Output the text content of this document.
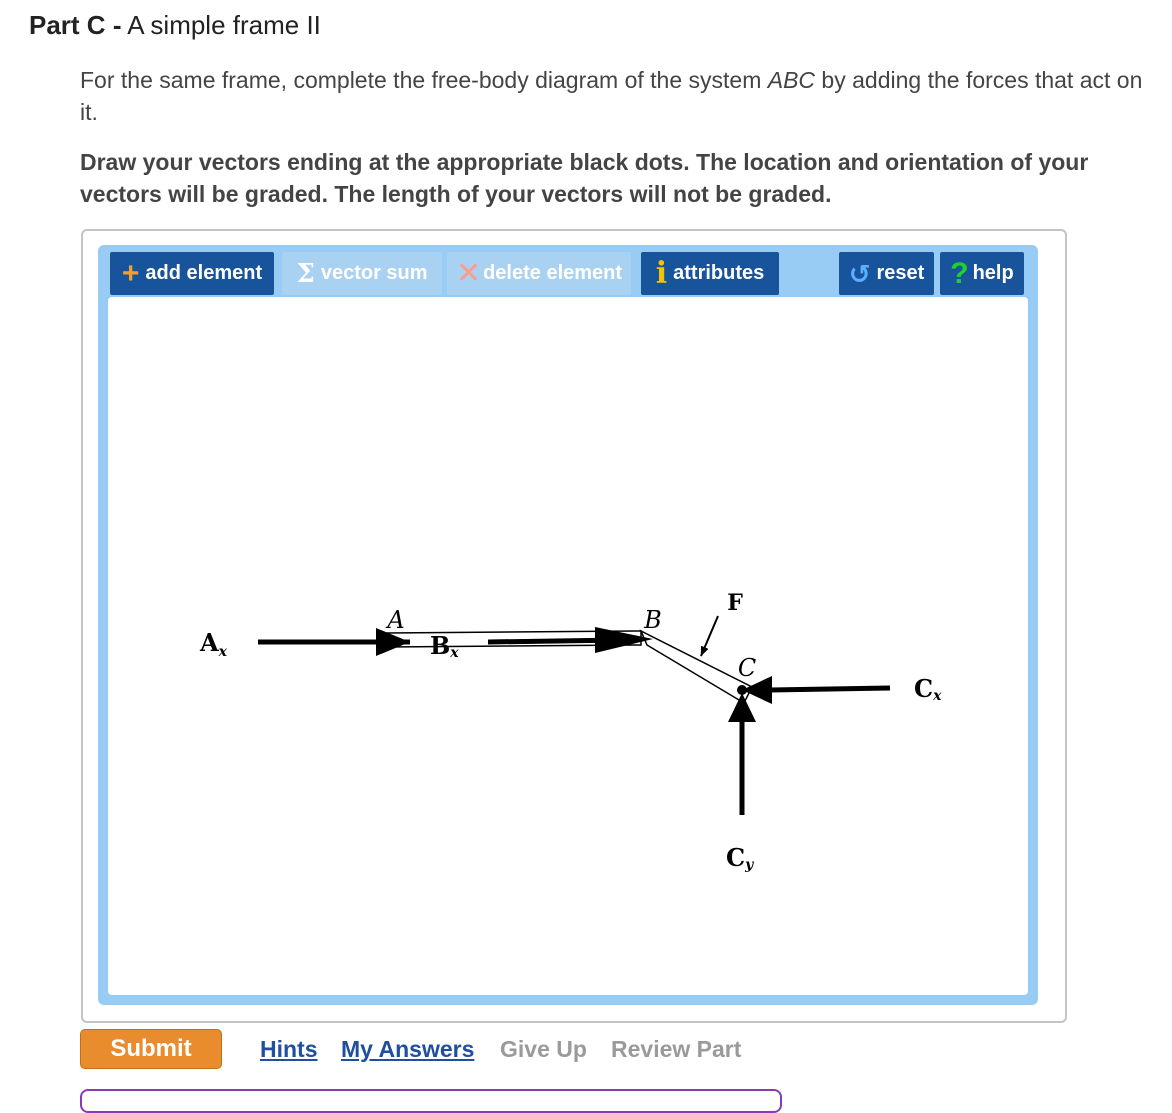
Part C - A simple frame II
For the same frame, complete the free-body diagram of the system ABC by adding the forces that act on it.
Draw your vectors ending at the appropriate black dots. The location and orientation of your vectors will be graded. The length of your vectors will not be graded.
+ add element Σ vector sum ✕ delete element i attributes	↺ reset ? help
A	B
C
$A_x$	Bx
F
Cx
Cy
Submit	Hints My Answers Give Up Review Part
